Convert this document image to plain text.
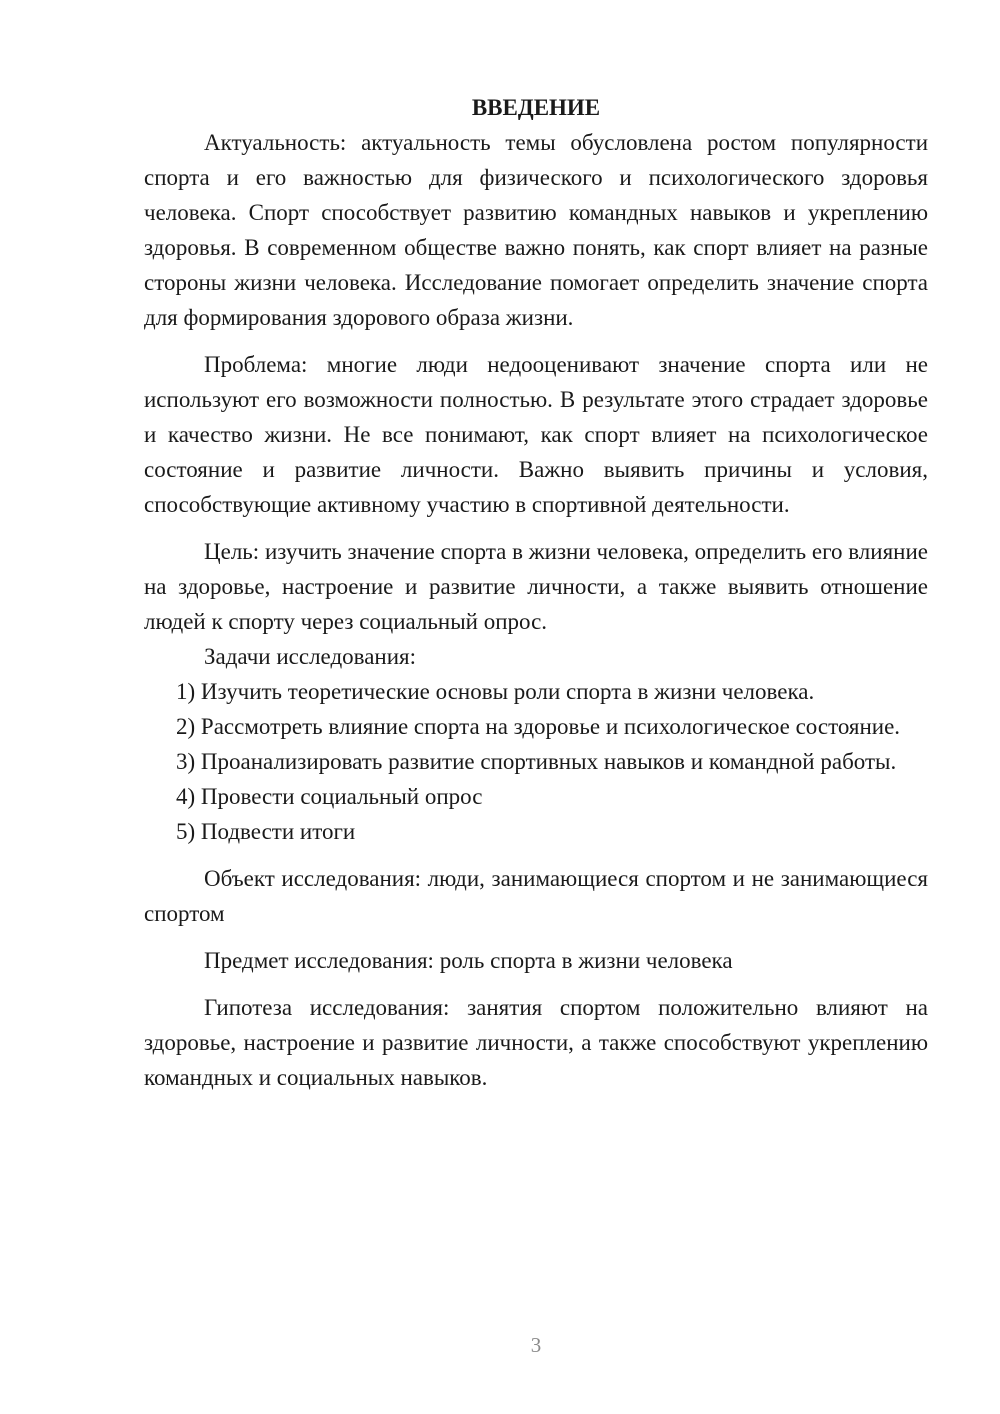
ВВЕДЕНИЕ

Актуальность: актуальность темы обусловлена ростом популярности спорта и его важностью для физического и психологического здоровья человека. Спорт способствует развитию командных навыков и укреплению здоровья. В современном обществе важно понять, как спорт влияет на разные стороны жизни человека. Исследование помогает определить значение спорта для формирования здорового образа жизни.

Проблема: многие люди недооценивают значение спорта или не используют его возможности полностью. В результате этого страдает здоровье и качество жизни. Не все понимают, как спорт влияет на психологическое состояние и развитие личности. Важно выявить причины и условия, способствующие активному участию в спортивной деятельности.

Цель: изучить значение спорта в жизни человека, определить его влияние на здоровье, настроение и развитие личности, а также выявить отношение людей к спорту через социальный опрос.

Задачи исследования:

1) Изучить теоретические основы роли спорта в жизни человека.

2) Рассмотреть влияние спорта на здоровье и психологическое состояние.

3) Проанализировать развитие спортивных навыков и командной работы.

4) Провести социальный опрос

5) Подвести итоги

Объект исследования: люди, занимающиеся спортом и не занимающиеся спортом

Предмет исследования: роль спорта в жизни человека

Гипотеза исследования: занятия спортом положительно влияют на здоровье, настроение и развитие личности, а также способствуют укреплению командных и социальных навыков.

3
